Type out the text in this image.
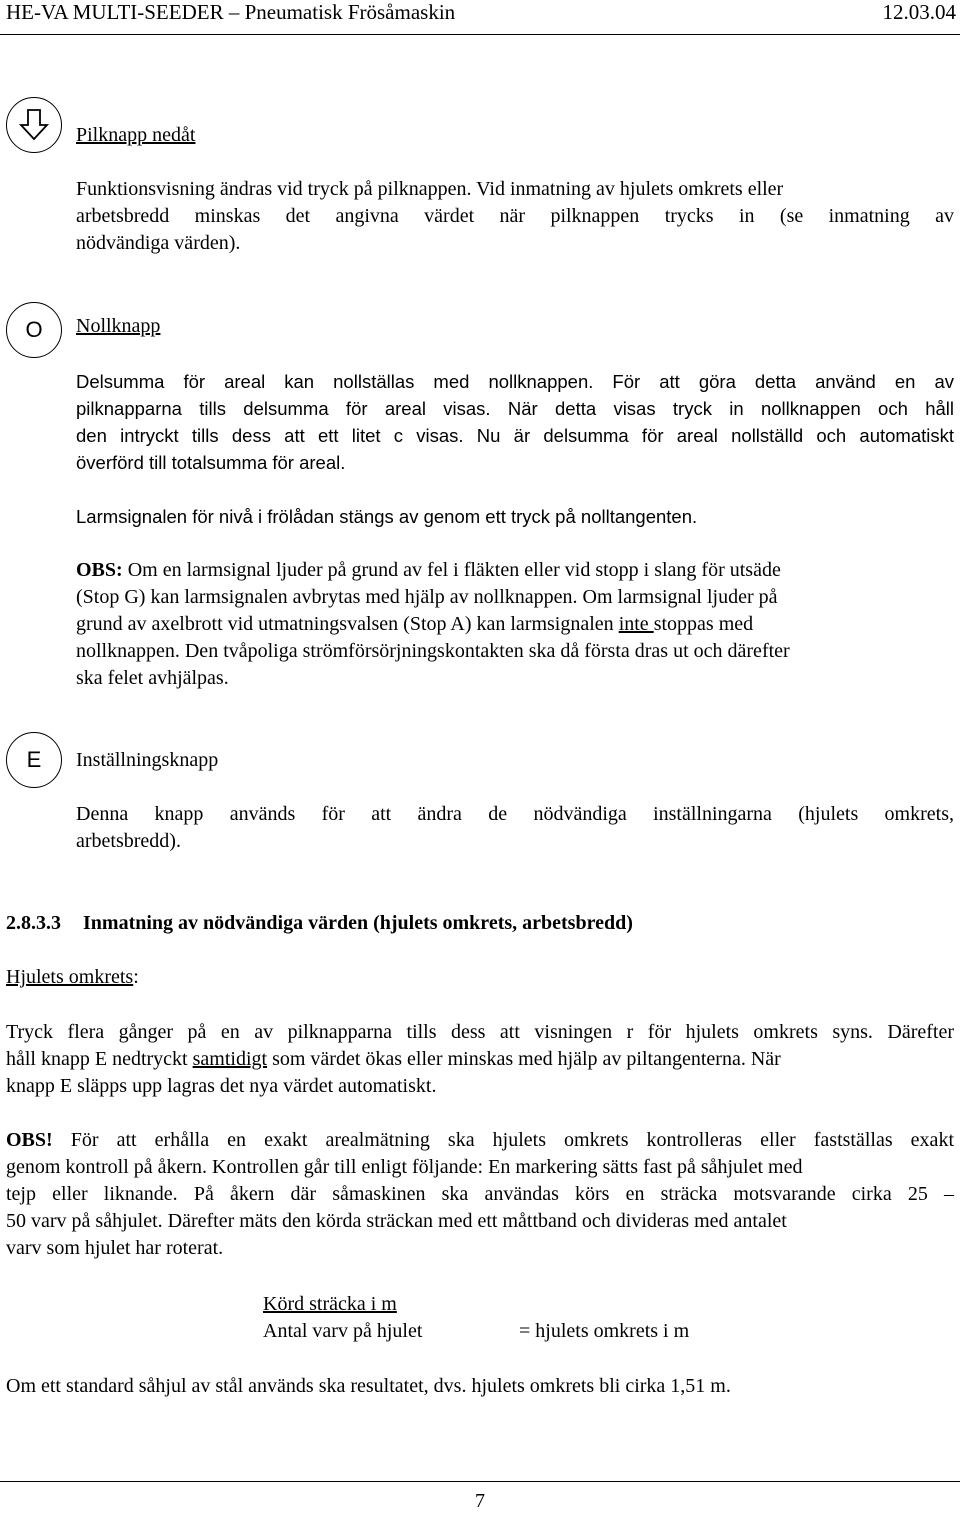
HE-VA MULTI-SEEDER – Pneumatisk Frösåmaskin	12.03.04
Pilknapp nedåt
Funktionsvisning ändras vid tryck på pilknappen. Vid inmatning av hjulets omkrets eller
arbetsbredd minskas det angivna värdet när pilknappen trycks in (se inmatning av
nödvändiga värden).
O Nollknapp
Delsumma för areal kan nollställas med nollknappen. För att göra detta använd en av
pilknapparna tills delsumma för areal visas. När detta visas tryck in nollknappen och håll
den intryckt tills dess att ett litet c visas. Nu är delsumma för areal nollställd och automatiskt
överförd till totalsumma för areal.
Larmsignalen för nivå i frölådan stängs av genom ett tryck på nolltangenten.
OBS: Om en larmsignal ljuder på grund av fel i fläkten eller vid stopp i slang för utsäde
(Stop G) kan larmsignalen avbrytas med hjälp av nollknappen. Om larmsignal ljuder på
grund av axelbrott vid utmatningsvalsen (Stop A) kan larmsignalen inte stoppas med
nollknappen. Den tvåpoliga strömförsörjningskontakten ska då första dras ut och därefter
ska felet avhjälpas.
E Inställningsknapp
Denna knapp används för att ändra de nödvändiga inställningarna (hjulets omkrets,
arbetsbredd).
2.8.3.3 Inmatning av nödvändiga värden (hjulets omkrets, arbetsbredd)
Hjulets omkrets:
Tryck flera gånger på en av pilknapparna tills dess att visningen r för hjulets omkrets syns. Därefter
håll knapp E nedtryckt samtidigt som värdet ökas eller minskas med hjälp av piltangenterna. När
knapp E släpps upp lagras det nya värdet automatiskt.
OBS! För att erhålla en exakt arealmätning ska hjulets omkrets kontrolleras eller fastställas exakt
genom kontroll på åkern. Kontrollen går till enligt följande: En markering sätts fast på såhjulet med
tejp eller liknande. På åkern där såmaskinen ska användas körs en sträcka motsvarande cirka 25 –
50 varv på såhjulet. Därefter mäts den körda sträckan med ett måttband och divideras med antalet
varv som hjulet har roterat.
Körd sträcka i m
Antal varv på hjulet	= hjulets omkrets i m
Om ett standard såhjul av stål används ska resultatet, dvs. hjulets omkrets bli cirka 1,51 m.
7
